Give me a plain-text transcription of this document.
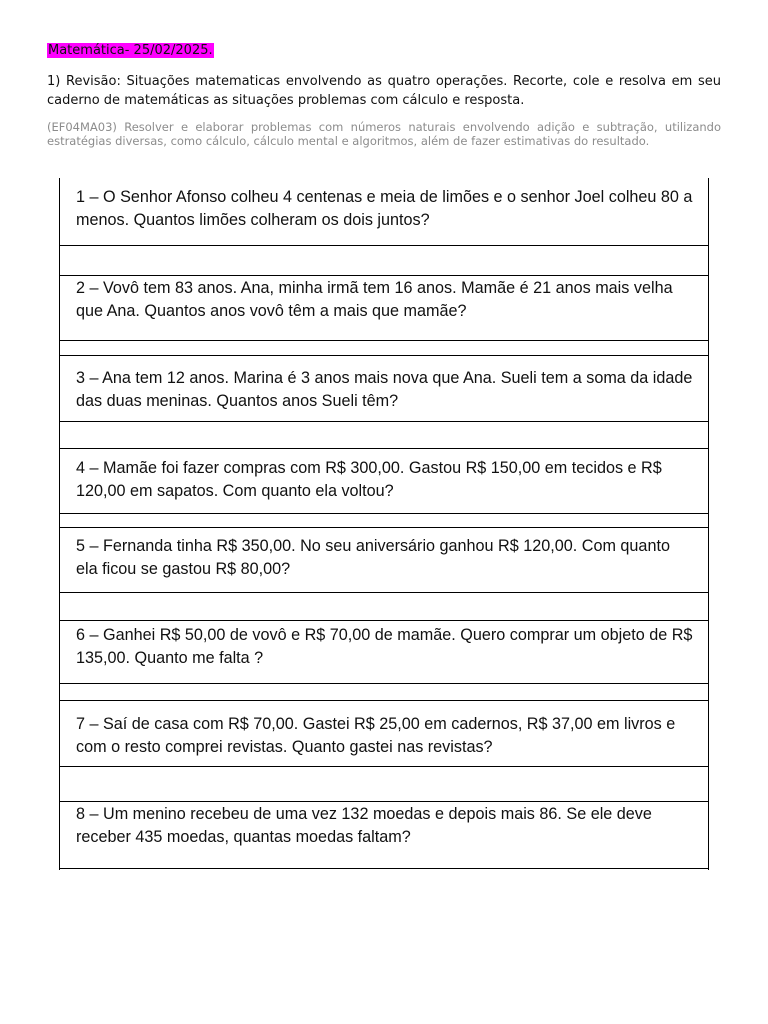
Matemática- 25/02/2025.
1) Revisão: Situações matematicas envolvendo as quatro operações. Recorte, cole e resolva em seu caderno de matemáticas as situações problemas com cálculo e resposta.
(EF04MA03) Resolver e elaborar problemas com números naturais envolvendo adição e subtração, utilizando estratégias diversas, como cálculo, cálculo mental e algoritmos, além de fazer estimativas do resultado.
1 – O Senhor Afonso colheu 4 centenas e meia de limões e o senhor Joel colheu 80 a menos. Quantos limões colheram os dois juntos?
2 – Vovô tem 83 anos. Ana, minha irmã tem 16 anos. Mamãe é 21 anos mais velha que Ana. Quantos anos vovô têm a mais que mamãe?
3 – Ana tem 12 anos. Marina é 3 anos mais nova que Ana. Sueli tem a soma da idade das duas meninas. Quantos anos Sueli têm?
4 – Mamãe foi fazer compras com R$ 300,00. Gastou R$ 150,00 em tecidos e R$ 120,00 em sapatos. Com quanto ela voltou?
5 – Fernanda tinha R$ 350,00. No seu aniversário ganhou R$ 120,00. Com quanto ela ficou se gastou R$ 80,00?
6 – Ganhei R$ 50,00 de vovô e R$ 70,00 de mamãe. Quero comprar um objeto de R$ 135,00. Quanto me falta ?
7 – Saí de casa com R$ 70,00. Gastei R$ 25,00 em cadernos, R$ 37,00 em livros e com o resto comprei revistas. Quanto gastei nas revistas?
8 – Um menino recebeu de uma vez 132 moedas e depois mais 86. Se ele deve receber 435 moedas, quantas moedas faltam?
